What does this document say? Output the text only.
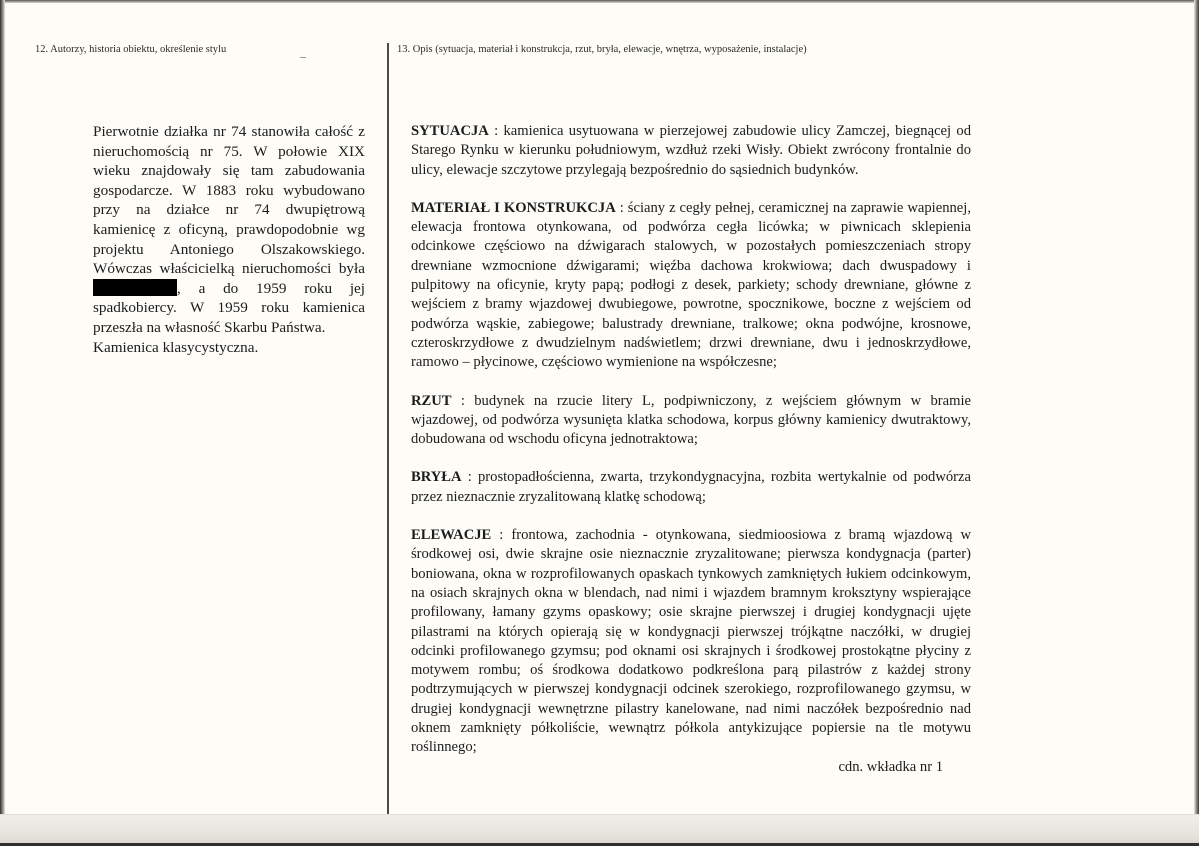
12. Autorzy, historia obiektu, określenie stylu

Pierwotnie działka nr 74 stanowiła całość z nieruchomością nr 75. W połowie XIX wieku znajdowały się tam zabudowania gospodarcze. W 1883 roku wybudowano przy na działce nr 74 dwupiętrową kamienicę z oficyną, prawdopodobnie wg projektu Antoniego Olszakowskiego. Wówczas właścicielką nieruchomości była , a do 1959 roku jej spadkobiercy. W 1959 roku kamienica przeszła na własność Skarbu Państwa.

Kamienica klasycystyczna.

13. Opis (sytuacja, materiał i konstrukcja, rzut, bryła, elewacje, wnętrza, wyposażenie, instalacje)

SYTUACJA : kamienica usytuowana w pierzejowej zabudowie ulicy Zamczej, biegnącej od Starego Rynku w kierunku południowym, wzdłuż rzeki Wisły. Obiekt zwrócony frontalnie do ulicy, elewacje szczytowe przylegają bezpośrednio do sąsiednich budynków.

MATERIAŁ I KONSTRUKCJA : ściany z cegły pełnej, ceramicznej na zaprawie wapiennej, elewacja frontowa otynkowana, od podwórza cegła licówka; w piwnicach sklepienia odcinkowe częściowo na dźwigarach stalowych, w pozostałych pomieszczeniach stropy drewniane wzmocnione dźwigarami; więźba dachowa krokwiowa; dach dwuspadowy i pulpitowy na oficynie, kryty papą; podłogi z desek, parkiety; schody drewniane, główne z wejściem z bramy wjazdowej dwubiegowe, powrotne, spocznikowe, boczne z wejściem od podwórza wąskie, zabiegowe; balustrady drewniane, tralkowe; okna podwójne, krosnowe, czteroskrzydłowe z dwudzielnym nadświetlem; drzwi drewniane, dwu i jednoskrzydłowe, ramowo – płycinowe, częściowo wymienione na współczesne;

RZUT : budynek na rzucie litery L, podpiwniczony, z wejściem głównym w bramie wjazdowej, od podwórza wysunięta klatka schodowa, korpus główny kamienicy dwutraktowy, dobudowana od wschodu oficyna jednotraktowa;

BRYŁA : prostopadłościenna, zwarta, trzykondygnacyjna, rozbita wertykalnie od podwórza przez nieznacznie zryzalitowaną klatkę schodową;

ELEWACJE : frontowa, zachodnia - otynkowana, siedmioosiowa z bramą wjazdową w środkowej osi, dwie skrajne osie nieznacznie zryzalitowane; pierwsza kondygnacja (parter) boniowana, okna w rozprofilowanych opaskach tynkowych zamkniętych łukiem odcinkowym, na osiach skrajnych okna w blendach, nad nimi i wjazdem bramnym kroksztyny wspierające profilowany, łamany gzyms opaskowy; osie skrajne pierwszej i drugiej kondygnacji ujęte pilastrami na których opierają się w kondygnacji pierwszej trójkątne naczółki, w drugiej odcinki profilowanego gzymsu; pod oknami osi skrajnych i środkowej prostokątne płyciny z motywem rombu; oś środkowa dodatkowo podkreślona parą pilastrów z każdej strony podtrzymujących w pierwszej kondygnacji odcinek szerokiego, rozprofilowanego gzymsu, w drugiej kondygnacji wewnętrzne pilastry kanelowane, nad nimi naczółek bezpośrednio nad oknem zamknięty półkoliście, wewnątrz półkola antykizujące popiersie na tle motywu roślinnego;

cdn. wkładka nr 1
